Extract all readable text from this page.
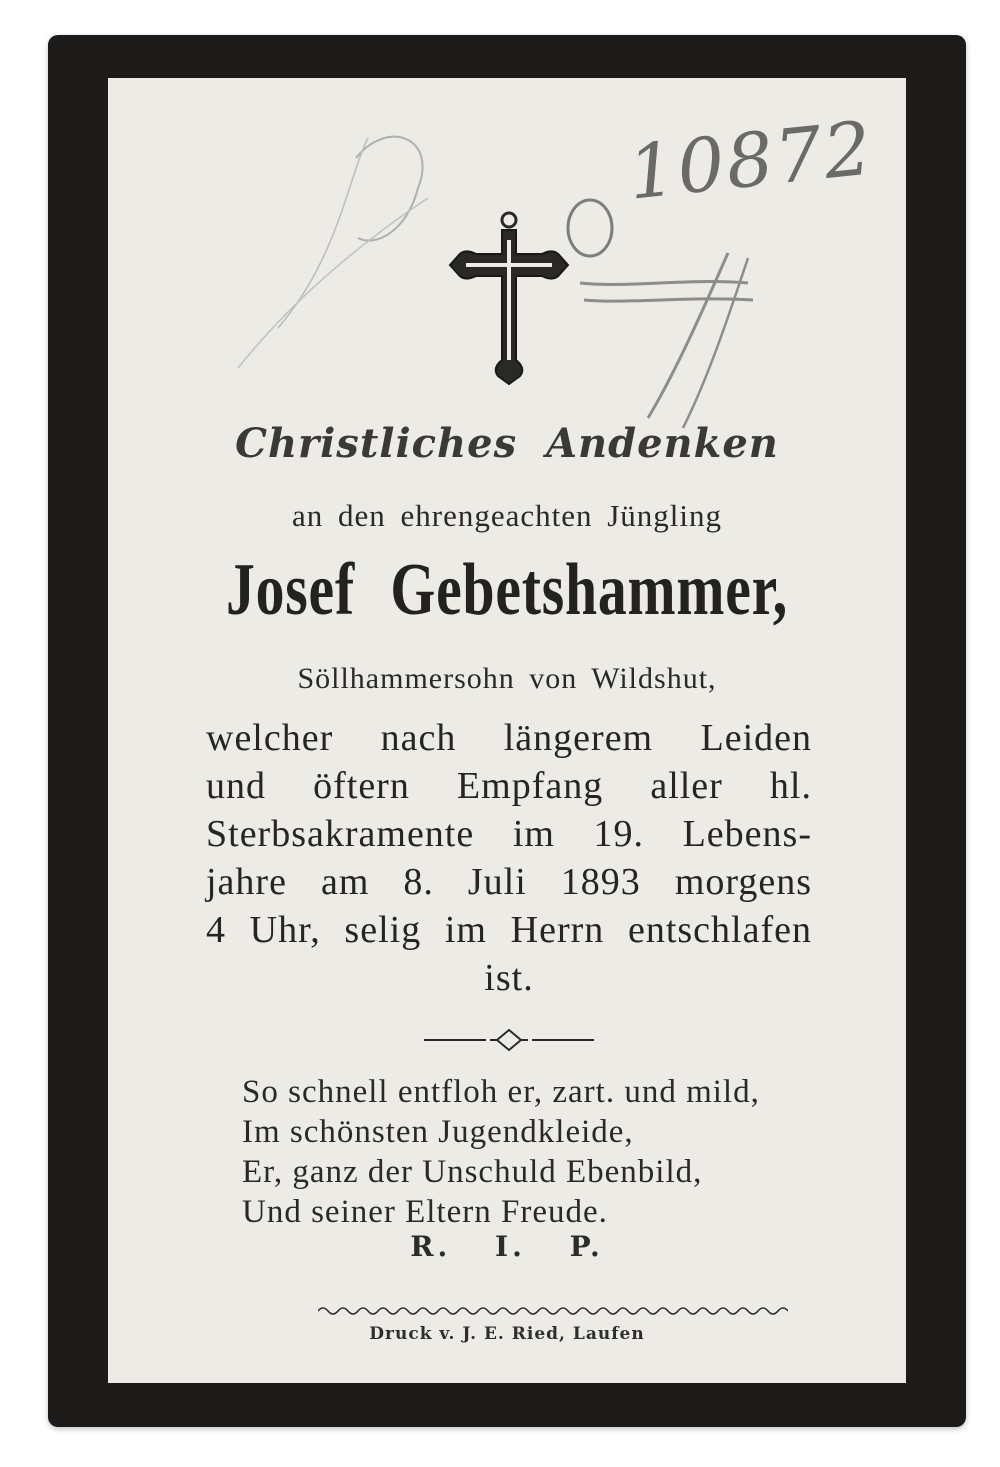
10872
Christliches Andenken
an den ehrengeachten Jüngling
Josef Gebetshammer,
Söllhammersohn von Wildshut,
welcher nach längerem Leiden
und öftern Empfang aller hl.
Sterbsakramente im 19. Lebens-
jahre am 8. Juli 1893 morgens
4 Uhr, selig im Herrn entschlafen
ist.
So schnell entfloh er, zart. und mild,
Im schönsten Jugendkleide,
Er, ganz der Unschuld Ebenbild,
Und seiner Eltern Freude.
R. I. P.
Druck v. J. E. Ried, Laufen
